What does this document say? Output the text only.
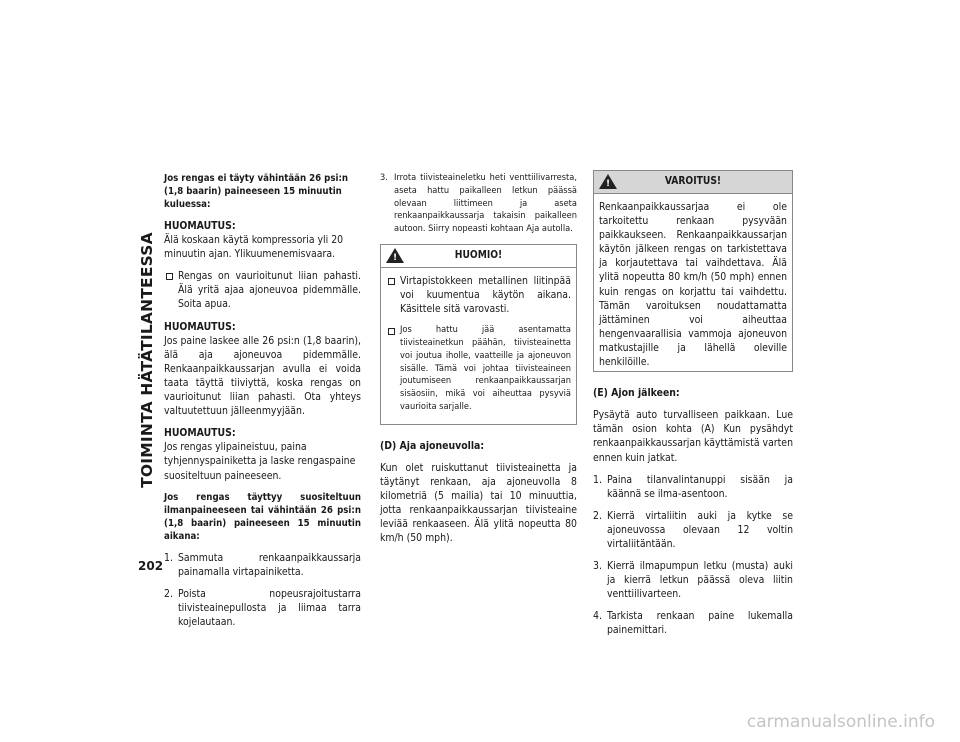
TOIMINTA HÄTÄTILANTEESSA
202

Jos rengas ei täyty vähintään 26 psi:n (1,8 baarin) paineeseen 15 minuutin kuluessa:

HUOMAUTUS:
Älä koskaan käytä kompressoria yli 20 minuutin ajan. Ylikuumenemisvaara.

Rengas on vaurioitunut liian pahasti. Älä yritä ajaa ajoneuvoa pidemmälle. Soita apua.

HUOMAUTUS:
Jos paine laskee alle 26 psi:n (1,8 baarin), älä aja ajoneuvoa pidemmälle. Renkaanpaikkaussarjan avulla ei voida taata täyttä tiiviyttä, koska rengas on vaurioitunut liian pahasti. Ota yhteys valtuutettuun jälleenmyyjään.

HUOMAUTUS:
Jos rengas ylipaineistuu, paina tyhjennyspainiketta ja laske rengaspaine suositeltuun paineeseen.

Jos rengas täyttyy suositeltuun ilmanpaineeseen tai vähintään 26 psi:n (1,8 baarin) paineeseen 15 minuutin aikana:

1. Sammuta renkaanpaikkaussarja painamalla virtapainiketta.
2. Poista nopeusrajoitustarra tiivisteainepullosta ja liimaa tarra kojelautaan.
3. Irrota tiivisteaineletku heti venttiilivarresta, aseta hattu paikalleen letkun päässä olevaan liittimeen ja aseta renkaanpaikkaussarja takaisin paikalleen autoon. Siirry nopeasti kohtaan Aja autolla.
!
HUOMIO!
Virtapistokkeen metallinen liitinpää voi kuumentua käytön aikana. Käsittele sitä varovasti.
Jos hattu jää asentamatta tiivisteainetkun päähän, tiivisteainetta voi joutua iholle, vaatteille ja ajoneuvon sisälle. Tämä voi johtaa tiivisteaineen joutumiseen renkaanpaikkaussarjan sisäosiin, mikä voi aiheuttaa pysyviä vaurioita sarjalle.

(D) Aja ajoneuvolla:

Kun olet ruiskuttanut tiivisteainetta ja täytänyt renkaan, aja ajoneuvolla 8 kilometriä (5 mailia) tai 10 minuuttia, jotta renkaanpaikkaussarjan tiivisteaine leviää renkaaseen. Älä ylitä nopeutta 80 km/h (50 mph).

!
VAROITUS!
Renkaanpaikkaussarjaa ei ole tarkoitettu renkaan pysyvään paikkaukseen. Renkaanpaikkaussarjan käytön jälkeen rengas on tarkistettava ja korjautettava tai vaihdettava. Älä ylitä nopeutta 80 km/h (50 mph) ennen kuin rengas on korjattu tai vaihdettu. Tämän varoituksen noudattamatta jättäminen voi aiheuttaa hengenvaarallisia vammoja ajoneuvon matkustajille ja lähellä oleville henkilöille.

(E) Ajon jälkeen:

Pysäytä auto turvalliseen paikkaan. Lue tämän osion kohta (A) Kun pysähdyt renkaanpaikkaussarjan käyttämistä varten ennen kuin jatkat.

1. Paina tilanvalintanuppi sisään ja käännä se ilma-asentoon.
2. Kierrä virtaliitin auki ja kytke se ajoneuvossa olevaan 12 voltin virtaliitäntään.
3. Kierrä ilmapumpun letku (musta) auki ja kierrä letkun päässä oleva liitin venttiilivarteen.
4. Tarkista renkaan paine lukemalla painemittari.
carmanualsonline.info
